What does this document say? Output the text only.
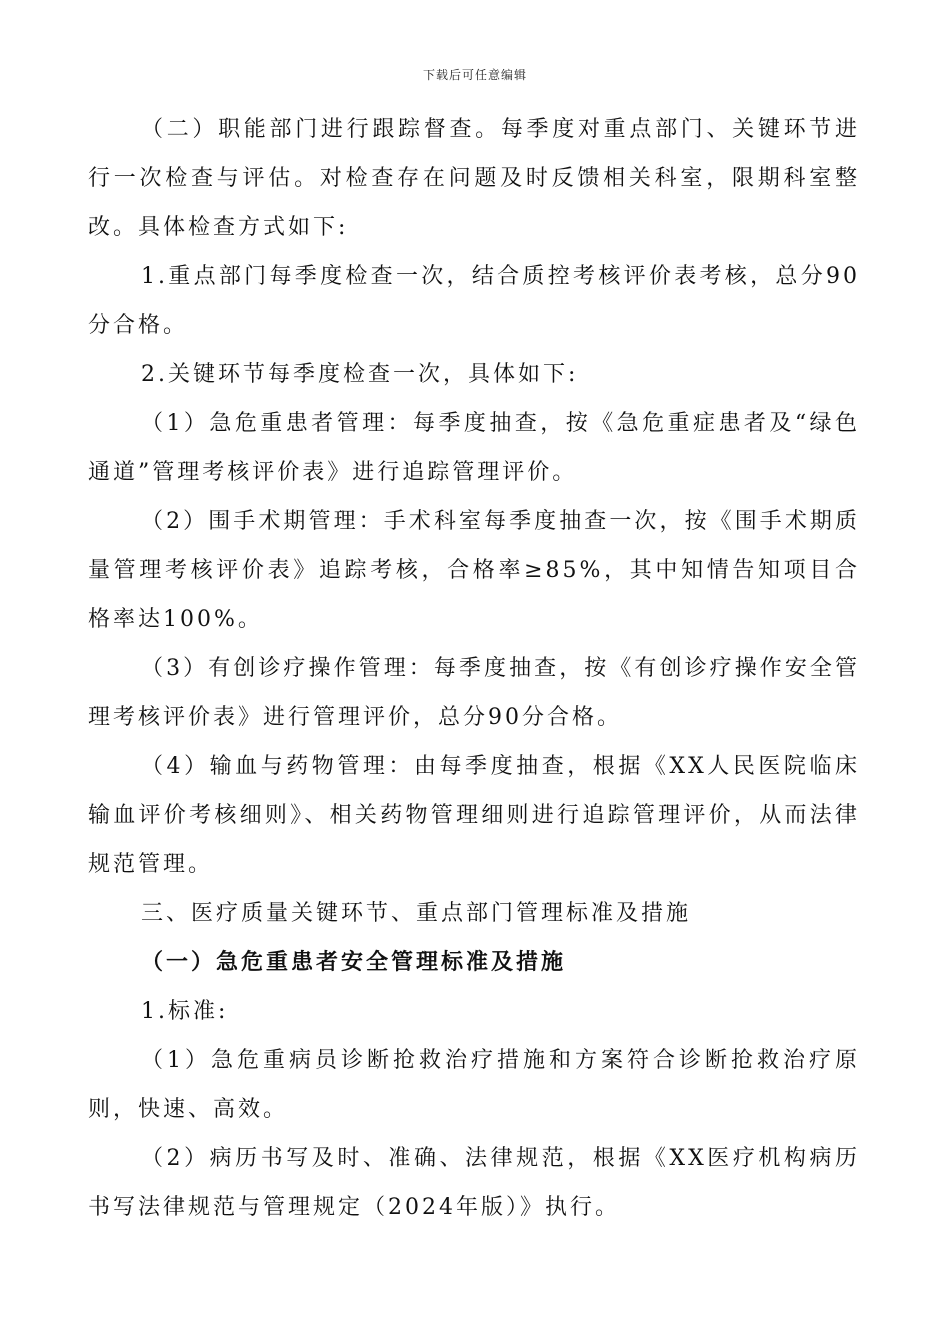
下载后可任意编辑

（二）职能部门进行跟踪督查。每季度对重点部门、关键环节进行一次检查与评估。对检查存在问题及时反馈相关科室，限期科室整改。具体检查方式如下:

1.重点部门每季度检查一次，结合质控考核评价表考核，总分90分合格。

2.关键环节每季度检查一次，具体如下:

（1）急危重患者管理：每季度抽查，按《急危重症患者及“绿色通道”管理考核评价表》进行追踪管理评价。

（2）围手术期管理：手术科室每季度抽查一次，按《围手术期质量管理考核评价表》追踪考核，合格率≥85%，其中知情告知项目合格率达100%。

（3）有创诊疗操作管理：每季度抽查，按《有创诊疗操作安全管理考核评价表》进行管理评价，总分90分合格。

（4）输血与药物管理：由每季度抽查，根据《XX人民医院临床输血评价考核细则》、相关药物管理细则进行追踪管理评价，从而法律规范管理。

三、医疗质量关键环节、重点部门管理标准及措施

（一）急危重患者安全管理标准及措施

1.标准:

（1）急危重病员诊断抢救治疗措施和方案符合诊断抢救治疗原则，快速、高效。

（2）病历书写及时、准确、法律规范，根据《XX医疗机构病历书写法律规范与管理规定（2024年版）》执行。
